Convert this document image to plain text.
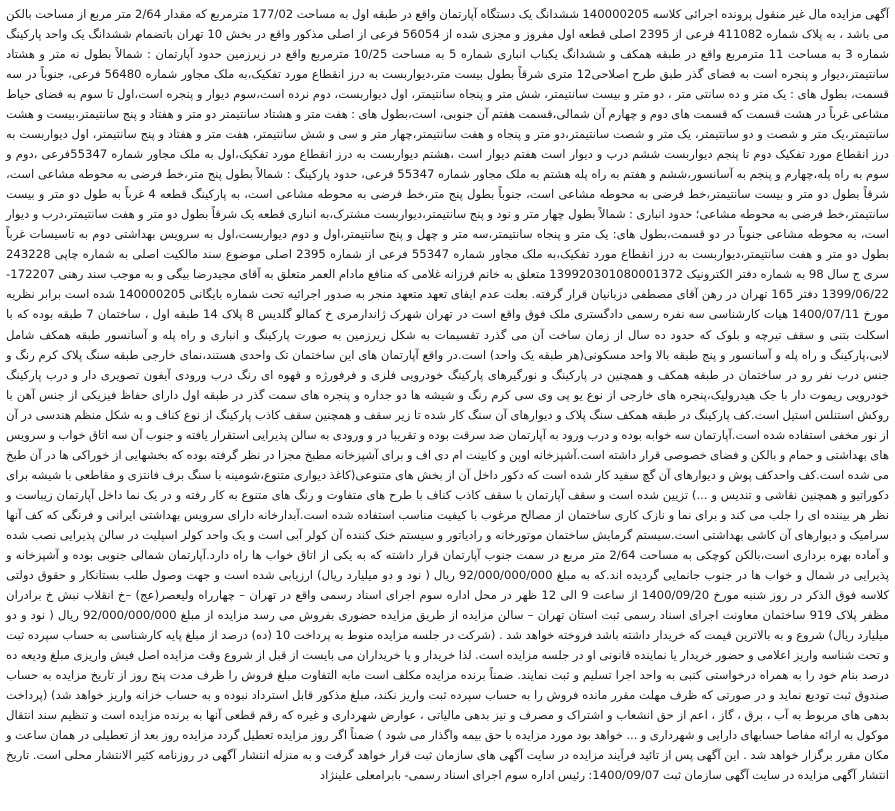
آگهی مزایده مال غیر منقول پرونده اجرائی کلاسه 140000205 ششدانگ یک دستگاه آپارتمان واقع در طبقه اول به مساحت 177/02 مترمربع که مقدار 2/64 متر مربع از مساحت بالکن می باشد ، به پلاک شماره 411082 فرعی از 2395 اصلی قطعه اول مفروز و مجزی شده از 56054 فرعی از اصلی مذکور واقع در بخش 10 تهران باتضمام ششدانگ یک واحد پارکینگ شماره 3 به مساحت 11 مترمربع واقع در طبقه همکف و ششدانگ یکباب انباری شماره 5 به مساحت 10/25 مترمربع واقع در زیرزمین حدود آپارتمان : شمالاً بطول نه متر و هشتاد سانتیمتر،دیوار و پنجره است به فضای گذر طبق طرح اصلاحی12 متری شرقاً بطول بیست متر،دیواربست به درز انقطاع مورد تفکیک،به ملک مجاور شماره 56480 فرعی، جنوباً در سه قسمت، بطول های : یک متر و ده سانتی متر ، دو متر و بیست سانتیمتر، شش متر و پنجاه سانتیمتر، اول دیواربست، دوم نرده است،سوم دیوار و پنجره است،اول تا سوم به فضای حیاط مشاعی غرباً در هشت قسمت که قسمت های دوم و چهارم آن شمالی،قسمت هفتم آن جنوبی، است،بطول های : هفت متر و هشتاد سانتیمتر دو متر و هفتاد و پنج سانتیمتر،بیست و هشت سانتیمتر،یک متر و شصت و دو سانتیمتر، یک متر و شصت سانتیمتر،دو متر و پنجاه و هفت سانتیمتر،چهار متر و سی و شش سانتیمتر، هفت متر و هفتاد و پنج سانتیمتر، اول دیواربست به درز انقطاع مورد تفکیک دوم تا پنجم دیواربست ششم درب و دیوار است هفتم دیوار است ،هشتم دیواربست به درز انقطاع مورد تفکیک،اول به ملک مجاور شماره 55347فرعی ،دوم و سوم به راه پله،چهارم و پنجم به آسانسور،ششم و هفتم به راه پله هشتم به ملک مجاور شماره 55347 فرعی، حدود پارکینگ : شمالاً بطول پنج متر،خط فرضی به محوطه مشاعی است، شرقاً بطول دو متر و بیست سانتیمتر،خط فرضی به محوطه مشاعی است، جنوباً بطول پنج متر،خط فرضی به محوطه مشاعی است، به پارکینگ قطعه 4 غرباً به طول دو متر و بیست سانتیمتر،خط فرضی به محوطه مشاعی؛ حدود انباری : شمالاً بطول چهار متر و نود و پنج سانتیمتر،دیواربست مشترک،به انباری قطعه یک شرقاً بطول دو متر و هفت سانتیمتر،درب و دیوار است، به محوطه مشاعی جنوباً در دو قسمت،بطول های: یک متر و پنجاه سانتیمتر،سه متر و چهل و پنج سانتیمتر،اول و دوم دیواربست،اول به سرویس بهداشتی دوم به تاسیسات غرباً بطول دو متر و هفت سانتیمتر،دیواربست به درز انقطاع مورد تفکیک،به ملک مجاور شماره 55347 فرعی از شماره 2395 اصلی موضوع سند مالکیت اصلی به شماره چاپی 243228 سری ج سال 98 به شماره دفتر الکترونیک 139920301080001372 متعلق به خانم فرزانه غلامی که منافع مادام العمر متعلق به آقای مجیدرضا بیگی و به موجب سند رهنی 172207-1399/06/22 دفتر 165 تهران در رهن آقای مصطفی دزبانیان قرار گرفته. بعلت عدم ایفای تعهد متعهد منجر به صدور اجرائیه تحت شماره بایگانی 140000205 شده است برابر نظریه مورخ 1400/07/11 هیات کارشناسی سه نفره رسمی دادگستری ملک فوق واقع است در تهران شهرک ژاندارمری خ کمالو گلدیس 8 پلاک 14 طبقه اول ، ساختمان 7 طبقه بوده که با اسکلت بتنی و سقف تیرچه و بلوک که حدود ده سال از زمان ساخت آن می گذرد تقسیمات به شکل زیرزمین به صورت پارکینگ و انباری و راه پله و آسانسور طبقه همکف شامل لابی،پارکینگ و راه پله و آسانسور و پنج طبقه بالا واحد مسکونی(هر طبقه یک واحد) است.در واقع آپارتمان های این ساختمان تک واحدی هستند،نمای خارجی طبقه سنگ پلاک کرم رنگ و جنس درب نفر رو در ساختمان در طبقه همکف و همچنین در پارکینگ و نورگیرهای پارکینگ خودرویی فلزی و فرفورژه و قهوه ای رنگ درب ورودی آیفون تصویری دار و درب پارکینگ خودرویی ریموت دار با جک هیدرولیک،پنجره های خارجی از نوع یو پی وی سی کرم رنگ و شیشه ها دو جداره و پنجره های سمت گذر در طبقه اول دارای حفاظ فیزیکی از جنس آهن با روکش استنلس استیل است.کف پارکینگ در طبقه همکف سنگ پلاک و دیوارهای آن سنگ کار شده تا زیر سقف و همچنین سقف کاذب پارکینگ از نوع کناف و به شکل منظم هندسی در آن از نور مخفی استفاده شده است.آپارتمان سه خوابه بوده و درب ورود به آپارتمان ضد سرقت بوده و تقریبا در و ورودی به سالن پذیرایی استقرار یافته و جنوب آن سه اتاق خواب و سرویس های بهداشتی و حمام و بالکن و فضای خصوصی قرار داشته است.آشپزخانه اوپن و کابینت ام دی اف و برای آشپزخانه مطبخ مجزا در نظر گرفته بوده که بخشهایی از خوراکی ها در آن طبخ می شده است.کف واحدکف پوش و دیوارهای آن گچ سفید کار شده است که دکور داخل آن از بخش های متنوعی(کاغذ دیواری متنوع،شومینه با سنگ برف فانتزی و مقاطعی با شیشه برای دکوراتیو و همچنین نقاشی و تندیس و ...) تزیین شده است و سقف آپارتمان با سقف کاذب کناف با طرح های متفاوت و رنگ های متنوع به کار رفته و در یک نما داخل آپارتمان زیباست و نظر هر بیننده ای را جلب می کند و برای نما و نازک کاری ساختمان از مصالح مرغوب با کیفیت مناسب استفاده شده است.آبدارخانه دارای سرویس بهداشتی ایرانی و فرنگی که کف آنها سرامیک و دیوارهای آن کاشی بهداشتی است.سیستم گرمایش ساختمان موتورخانه و رادیاتور و سیستم خنک کننده آن کولر آبی است و یک واحد کولر اسپلیت در سالن پذیرایی نصب شده و آماده بهره برداری است،بالکن کوچکی به مساحت 2/64 متر مربع در سمت جنوب آپارتمان قرار داشته که به یکی از اتاق خواب ها راه دارد.آپارتمان شمالی جنوبی بوده و آشپزخانه و پذیرایی در شمال و خواب ها در جنوب جانمایی گردیده اند.که به مبلغ 92/000/000/000 ریال ( نود و دو میلیارد ریال) ارزیابی شده است و جهت وصول طلب بستانکار و حقوق دولتی کلاسه فوق الذکر در روز شنبه مورخ 1400/09/20 از ساعت 9 الی 12 ظهر در محل اداره سوم اجرای اسناد رسمی واقع در تهران – چهارراه ولیعصر(عج) –خ انقلاب نبش خ برادران مظفر پلاک 919 ساختمان معاونت اجرای اسناد رسمی ثبت استان تهران – سالن مزایده از طریق مزایده حضوری بفروش می رسد مزایده از مبلغ 92/000/000/000 ریال ( نود و دو میلیارد ریال) شروع و به بالاترین قیمت که خریدار داشته باشد فروخته خواهد شد . (شرکت در جلسه مزایده منوط به پرداخت 10 (ده) درصد از مبلغ پایه کارشناسی به حساب سپرده ثبت و تحت شناسه واریز اعلامی و حضور خریدار یا نماینده قانونی او در جلسه مزایده است. لذا خریدار و یا خریداران می بایست از قبل از شروع وقت مزایده اصل فیش واریزی مبلغ ودیعه ده درصد بنام خود را به همراه درخواستی کتبی به واحد اجرا تسلیم و ثبت نمایند. ضمناً برنده مزایده مکلف است مابه التفاوت مبلغ فروش را ظرف مدت پنج روز از تاریخ مزایده به حساب صندوق ثبت تودیع نماید و در صورتی که ظرف مهلت مقرر مانده فروش را به حساب سپرده ثبت واریز نکند، مبلغ مذکور قابل استرداد نبوده و به حساب خزانه واریز خواهد شد) (پرداخت بدهی های مربوط به آب ، برق ، گاز ، اعم از حق انشعاب و اشتراک و مصرف و نیز بدهی مالیاتی ، عوارض شهرداری و غیره که رقم قطعی آنها به برنده مزایده است و تنظیم سند انتقال موکول به ارائه مفاصا حسابهای دارایی و شهرداری و ... خواهد بود مورد مزایده با حق بیمه واگذار می شود ) ضمناً اگر روز مزایده تعطیل گردد مزایده روز بعد از تعطیلی در همان ساعت و مکان مقرر برگزار خواهد شد . این آگهی پس از تائید فرآیند مزایده در سایت آگهی های سازمان ثبت قرار خواهد گرفت و به منزله انتشار آگهی در روزنامه کثیر الانتشار محلی است. تاریخ انتشار آگهی مزایده در سایت آگهی سازمان ثبت 1400/09/07: رئیس اداره سوم اجرای اسناد رسمی- بابرامعلی علینژاد
